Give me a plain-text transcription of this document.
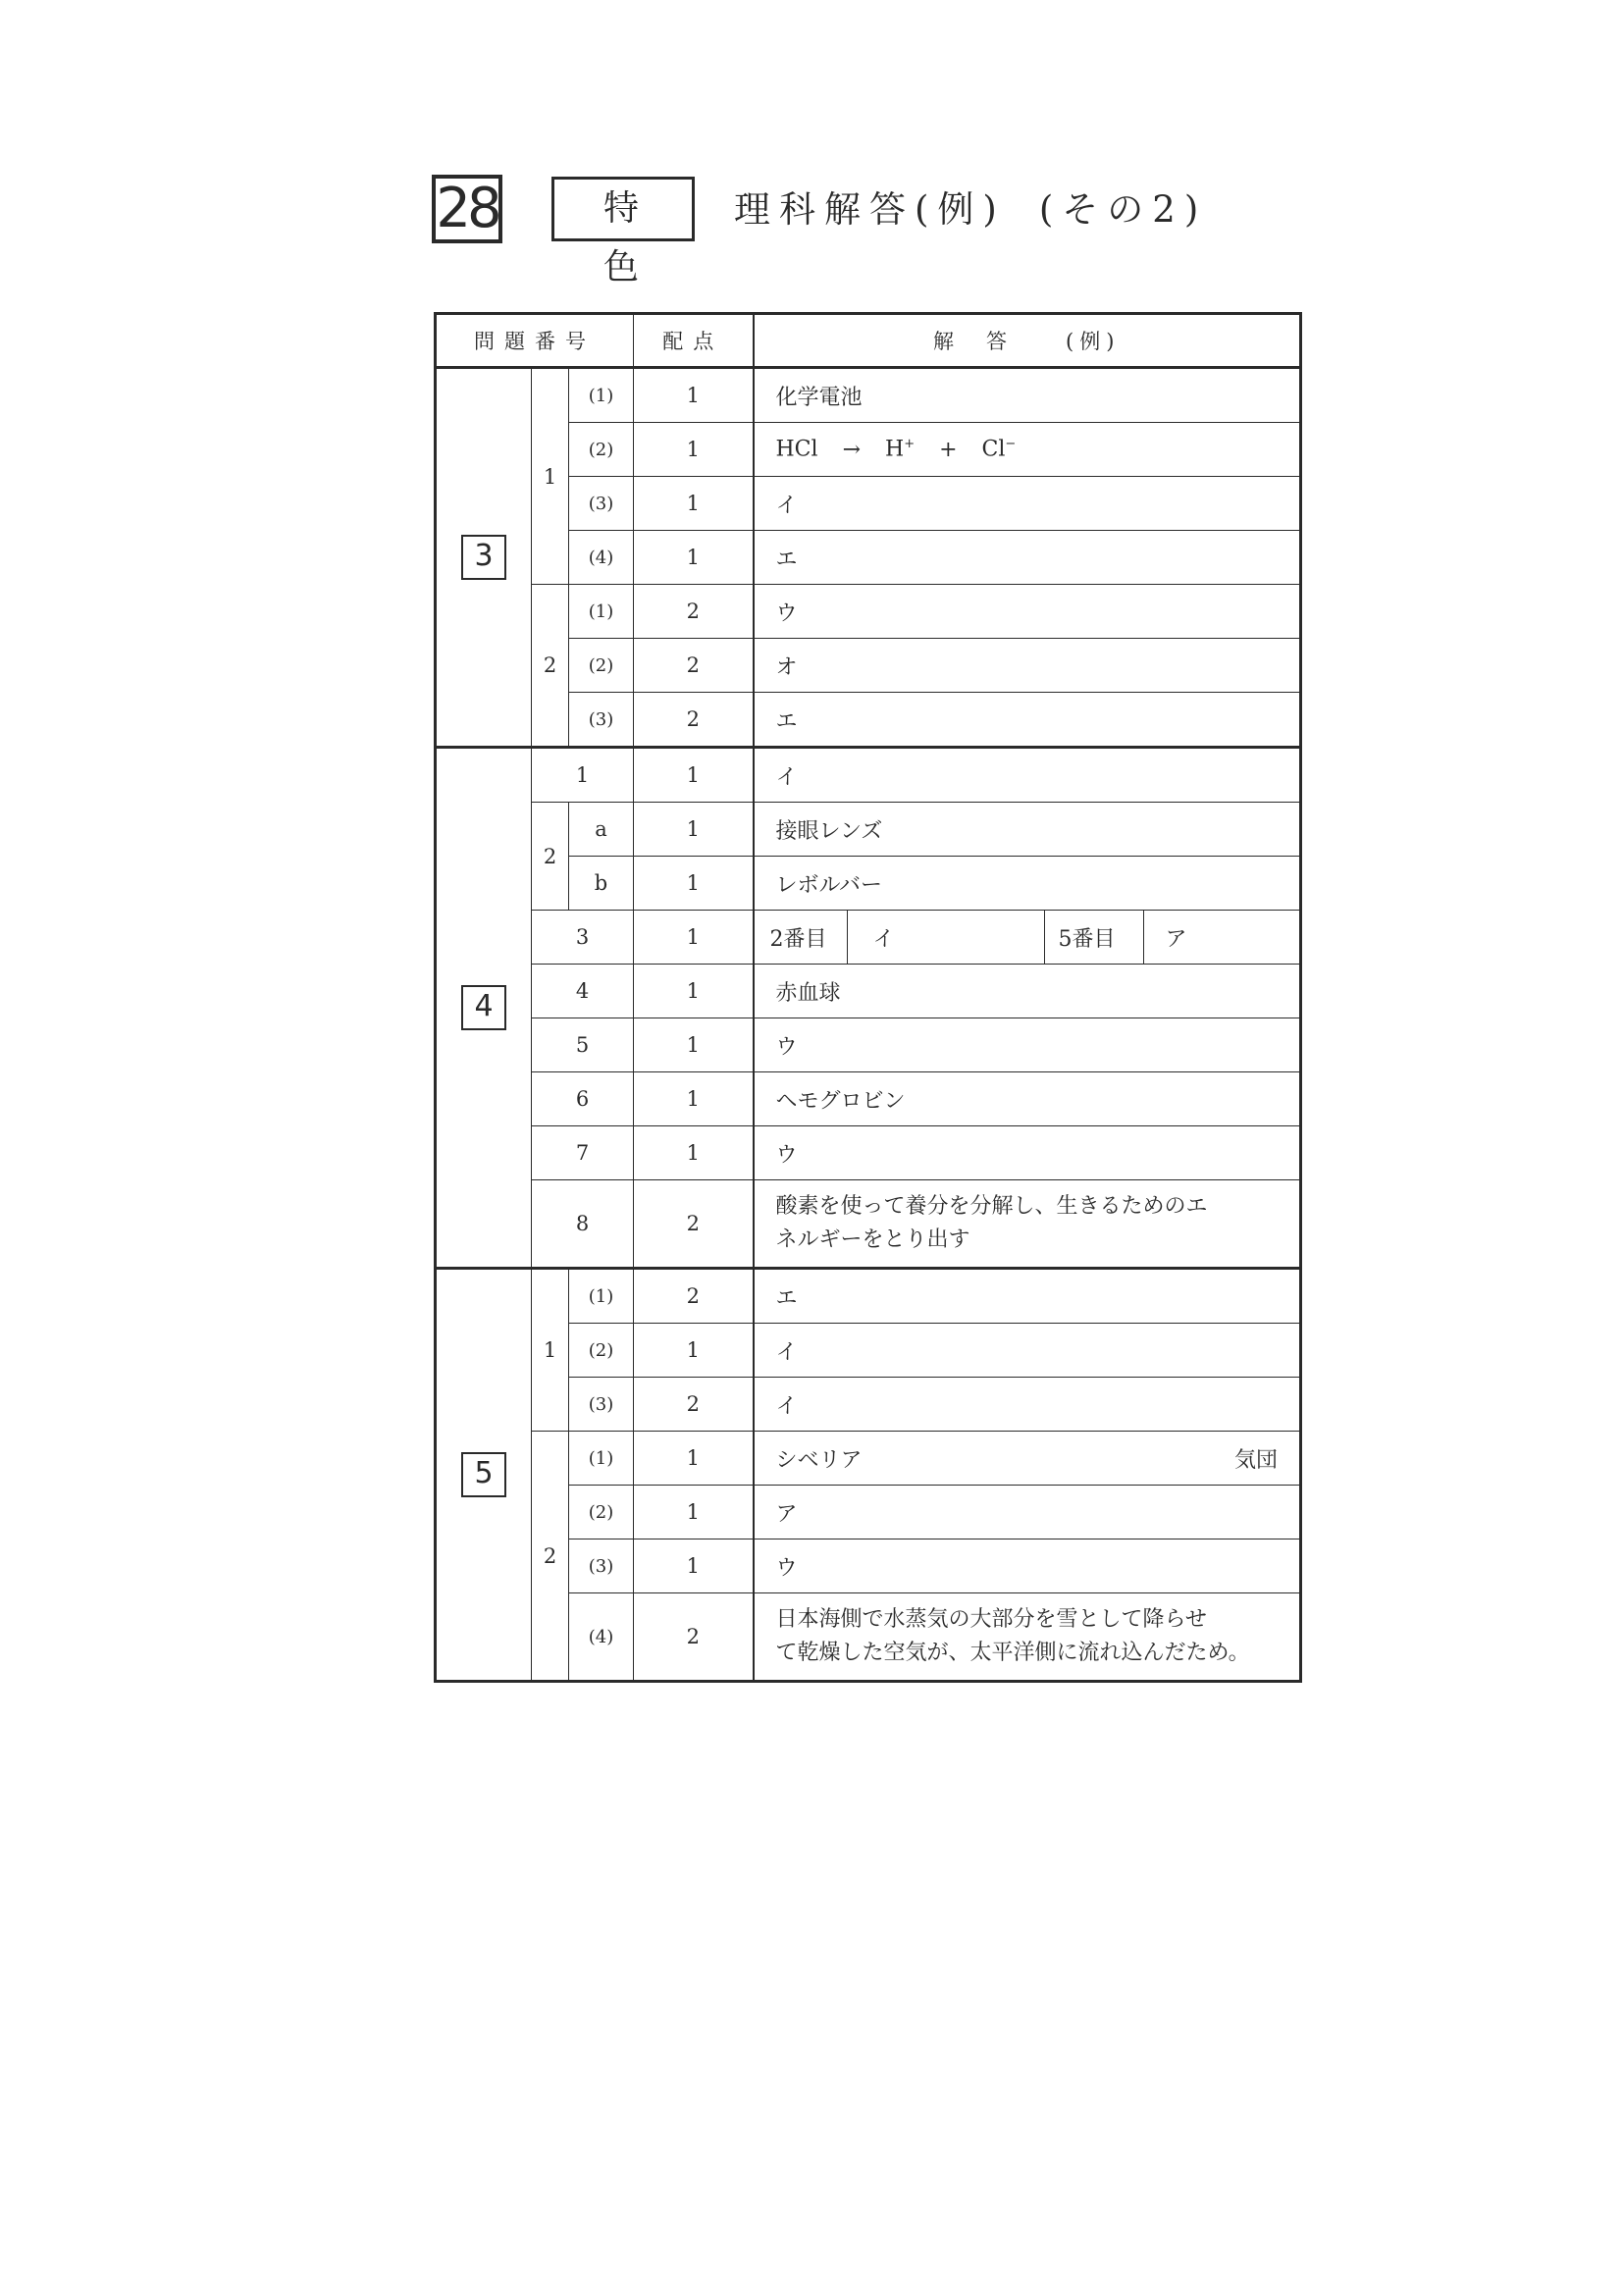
28	特色
理科解答(例) (その2)
問題番号			配点	解　答　　(例)
3	1	(1)	1	化学電池
		(2)	1	HCl → H+ + Cl−
		(3)	1	イ
		(4)	1	エ
	2	(1)	2	ウ
		(2)	2	オ
		(3)	2	エ
4	1		1	イ
	2	a	1	接眼レンズ
		b	1	レボルバー
	3		1	2番目 イ 5番目 ア

	4		1	赤血球
	5		1	ウ
	6		1	ヘモグロビン
	7		1	ウ
	8		2	酸素を使って養分を分解し、生きるためのエ
ネルギーをとり出す

5	1	(1)	2	エ
		(2)	1	イ
		(3)	2	イ
	2	(1)	1	シベリア 気団

		(2)	1	ア
		(3)	1	ウ
		(4)	2	日本海側で水蒸気の大部分を雪として降らせ
て乾燥した空気が、太平洋側に流れ込んだため。
